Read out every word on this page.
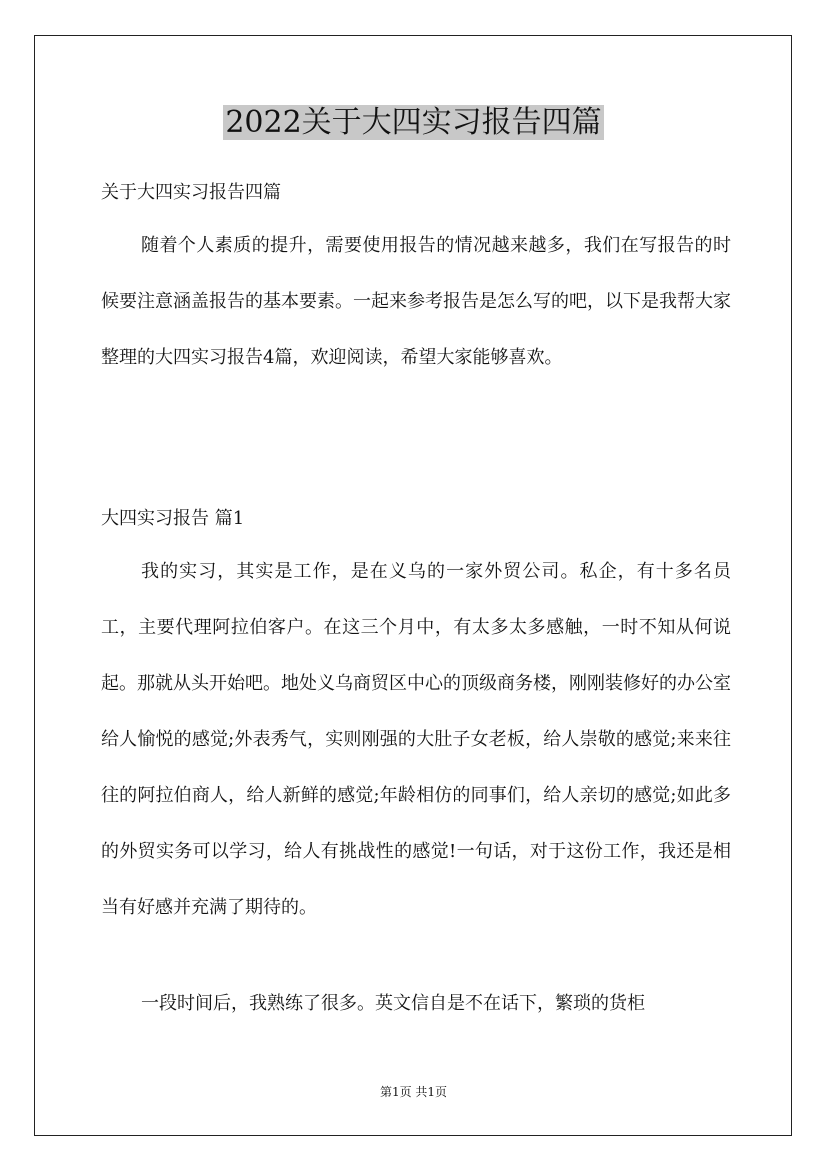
2022关于大四实习报告四篇

关于大四实习报告四篇

随着个人素质的提升，需要使用报告的情况越来越多，我们在写报告的时候要注意涵盖报告的基本要素。一起来参考报告是怎么写的吧，以下是我帮大家整理的大四实习报告4篇，欢迎阅读，希望大家能够喜欢。

大四实习报告 篇1

我的实习，其实是工作，是在义乌的一家外贸公司。私企，有十多名员工，主要代理阿拉伯客户。在这三个月中，有太多太多感触，一时不知从何说起。那就从头开始吧。地处义乌商贸区中心的顶级商务楼，刚刚装修好的办公室给人愉悦的感觉;外表秀气，实则刚强的大肚子女老板，给人崇敬的感觉;来来往往的阿拉伯商人，给人新鲜的感觉;年龄相仿的同事们，给人亲切的感觉;如此多的外贸实务可以学习，给人有挑战性的感觉!一句话，对于这份工作，我还是相当有好感并充满了期待的。

一段时间后，我熟练了很多。英文信自是不在话下，繁琐的货柜

第1页 共1页
